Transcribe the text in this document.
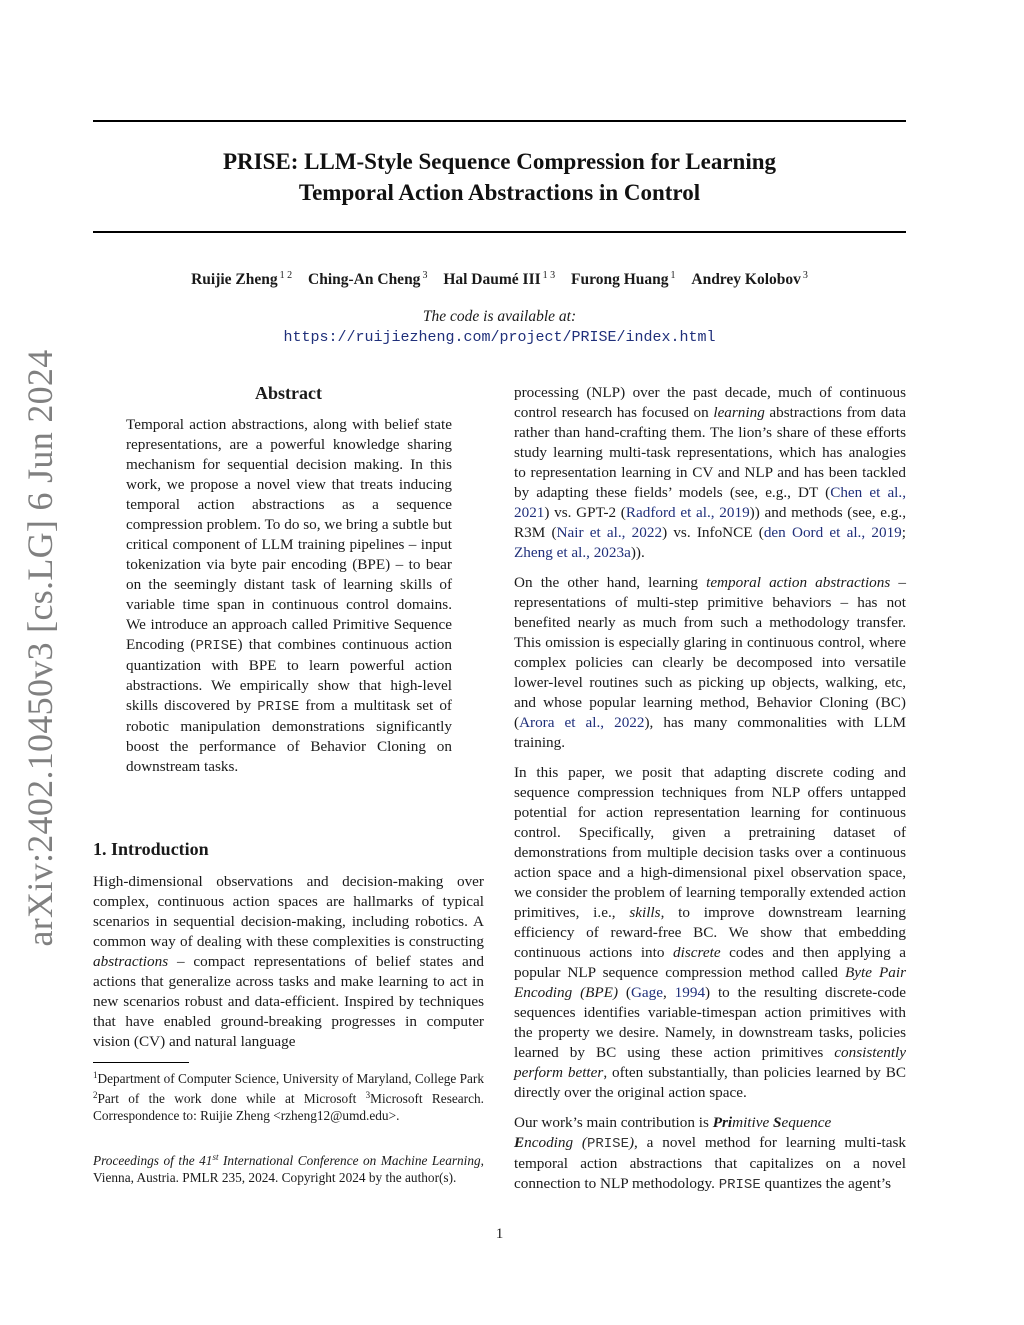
PRISE: LLM-Style Sequence Compression for Learning
Temporal Action Abstractions in Control
Ruijie Zheng $^{1 2}$ Ching-An Cheng $^3$ Hal Daumé III $^{1 3}$ Furong Huang $^1$ Andrey Kolobov $^3$
The code is available at:
https://ruijiezheng.com/project/PRISE/index.html
arXiv:2402.10450v3 [cs.LG] 6 Jun 2024	Abstract
Temporal action abstractions, along with belief state representations, are a powerful knowledge sharing mechanism for sequential decision making. In this work, we propose a novel view that treats inducing temporal action abstractions as a sequence compression problem. To do so, we bring a subtle but critical component of LLM training pipelines – input tokenization via byte pair encoding (BPE) – to bear on the seemingly distant task of learning skills of variable time span in continuous control domains. We introduce an approach called Primitive Sequence Encoding (PRISE) that combines continuous action quantization with BPE to learn powerful action abstractions. We empirically show that high-level skills discovered by PRISE from a multitask set of robotic manipulation demonstrations significantly boost the performance of Behavior Cloning on downstream tasks.
1. Introduction
High-dimensional observations and decision-making over complex, continuous action spaces are hallmarks of typical scenarios in sequential decision-making, including robotics. A common way of dealing with these complexities is constructing abstractions – compact representations of belief states and actions that generalize across tasks and make learning to act in new scenarios robust and data-efficient. Inspired by techniques that have enabled ground-breaking progresses in computer vision (CV) and natural language
$^1$Department of Computer Science, University of Maryland, College Park $^2$Part of the work done while at Microsoft $^3$Microsoft Research. Correspondence to: Ruijie Zheng <rzheng12@umd.edu>.
Proceedings of the 41st International Conference on Machine Learning, Vienna, Austria. PMLR 235, 2024. Copyright 2024 by the author(s).

processing (NLP) over the past decade, much of continuous control research has focused on learning abstractions from data rather than hand-crafting them. The lion’s share of these efforts study learning multi-task representations, which has analogies to representation learning in CV and NLP and has been tackled by adapting these fields’ models (see, e.g., DT (Chen et al., 2021) vs. GPT-2 (Radford et al., 2019)) and methods (see, e.g., R3M (Nair et al., 2022) vs. InfoNCE (den Oord et al., 2019; Zheng et al., 2023a)).

On the other hand, learning temporal action abstractions – representations of multi-step primitive behaviors – has not benefited nearly as much from such a methodology transfer. This omission is especially glaring in continuous control, where complex policies can clearly be decomposed into versatile lower-level routines such as picking up objects, walking, etc, and whose popular learning method, Behavior Cloning (BC) (Arora et al., 2022), has many commonalities with LLM training.

In this paper, we posit that adapting discrete coding and sequence compression techniques from NLP offers untapped potential for action representation learning for continuous control. Specifically, given a pretraining dataset of demonstrations from multiple decision tasks over a continuous action space and a high-dimensional pixel observation space, we consider the problem of learning temporally extended action primitives, i.e., skills, to improve downstream learning efficiency of reward-free BC. We show that embedding continuous actions into discrete codes and then applying a popular NLP sequence compression method called Byte Pair Encoding (BPE) (Gage, 1994) to the resulting discrete-code sequences identifies variable-timespan action primitives with the property we desire. Namely, in downstream tasks, policies learned by BC using these action primitives consistently perform better, often substantially, than policies learned by BC directly over the original action space.

Our work’s main contribution is Primitive Sequence
Encoding (PRISE), a novel method for learning multi-task temporal action abstractions that capitalizes on a novel connection to NLP methodology. PRISE quantizes the agent’s

1
